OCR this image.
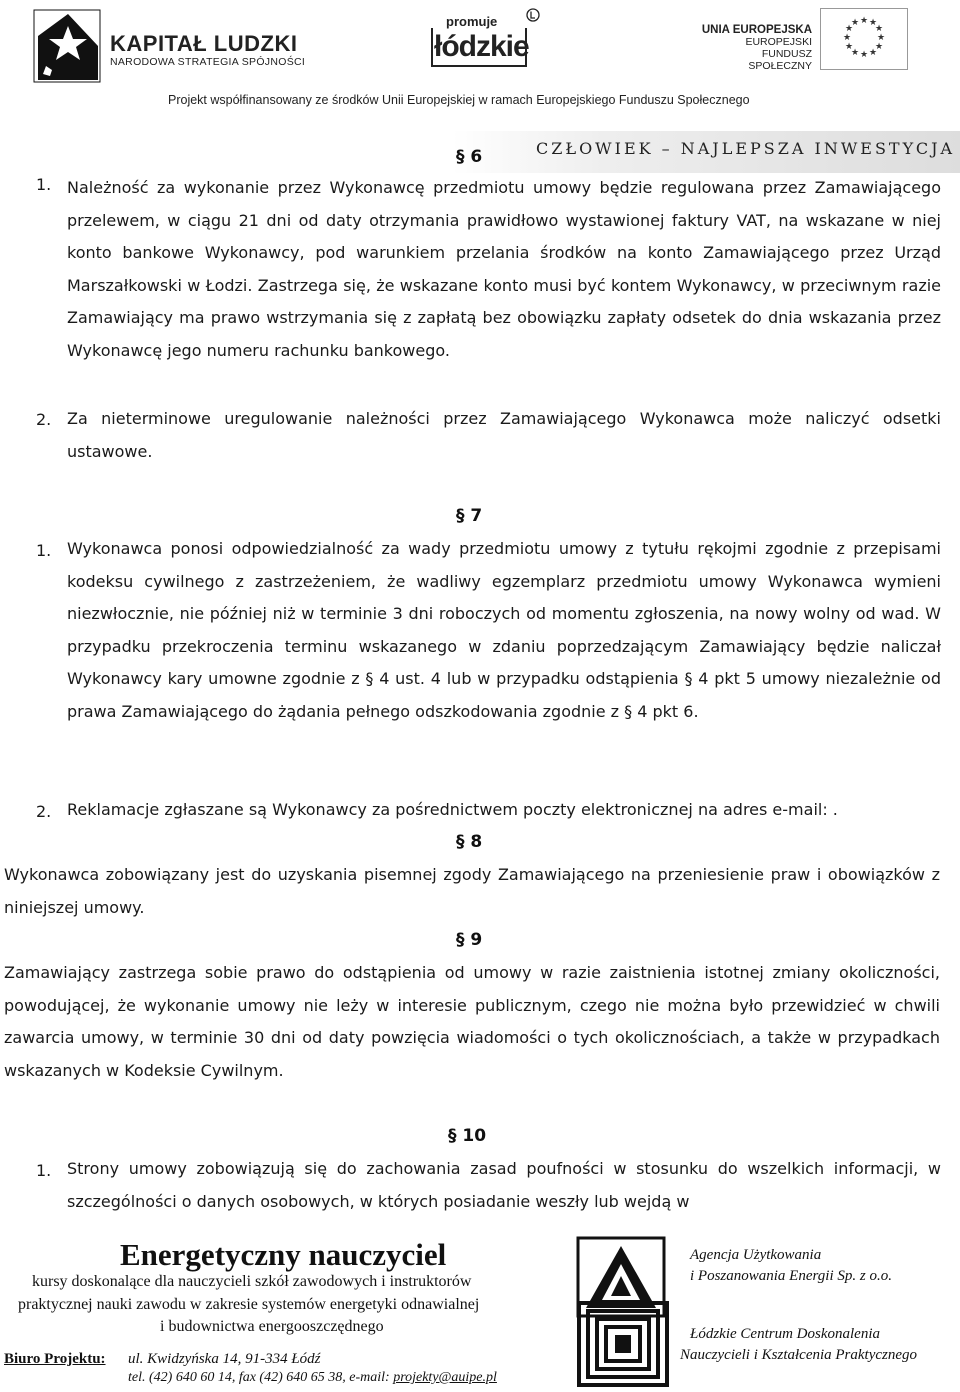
KAPITAŁ LUDZKI
NARODOWA STRATEGIA SPÓJNOŚCI
promuje
łódzkie	UNIA EUROPEJSKA
EUROPEJSKI
FUNDUSZ SPOŁECZNY
★ ★
★
★
★
★
★
★
★
★
★
★
Projekt współfinansowany ze środków Unii Europejskiej w ramach Europejskiego Funduszu Społecznego
CZŁOWIEK – NAJLEPSZA INWESTYCJA
§ 6
1. Należność za wykonanie przez Wykonawcę przedmiotu umowy będzie regulowana przez Zamawiającego przelewem, w ciągu 21 dni od daty otrzymania prawidłowo wystawionej faktury VAT, na wskazane w niej konto bankowe Wykonawcy, pod warunkiem przelania środków na konto Zamawiającego przez Urząd Marszałkowski w Łodzi. Zastrzega się, że wskazane konto musi być kontem Wykonawcy, w przeciwnym razie Zamawiający ma prawo wstrzymania się z zapłatą bez obowiązku zapłaty odsetek do dnia wskazania przez Wykonawcę jego numeru rachunku bankowego.
2. Za nieterminowe uregulowanie należności przez Zamawiającego Wykonawca może naliczyć odsetki ustawowe.
§ 7
1. Wykonawca ponosi odpowiedzialność za wady przedmiotu umowy z tytułu rękojmi zgodnie z przepisami kodeksu cywilnego z zastrzeżeniem, że wadliwy egzemplarz przedmiotu umowy Wykonawca wymieni niezwłocznie, nie później niż w terminie 3 dni roboczych od momentu zgłoszenia, na nowy wolny od wad. W przypadku przekroczenia terminu wskazanego w zdaniu poprzedzającym Zamawiający będzie naliczał Wykonawcy kary umowne zgodnie z § 4 ust. 4 lub w przypadku odstąpienia § 4 pkt 5 umowy niezależnie od prawa Zamawiającego do żądania pełnego odszkodowania zgodnie z § 4 pkt 6.
2. Reklamacje zgłaszane są Wykonawcy za pośrednictwem poczty elektronicznej na adres e-mail: .
§ 8
Wykonawca zobowiązany jest do uzyskania pisemnej zgody Zamawiającego na przeniesienie praw i obowiązków z niniejszej umowy.
§ 9
Zamawiający zastrzega sobie prawo do odstąpienia od umowy w razie zaistnienia istotnej zmiany okoliczności, powodującej, że wykonanie umowy nie leży w interesie publicznym, czego nie można było przewidzieć w chwili zawarcia umowy, w terminie 30 dni od daty powzięcia wiadomości o tych okolicznościach, a także w przypadkach wskazanych w Kodeksie Cywilnym.
§ 10
1. Strony umowy zobowiązują się do zachowania zasad poufności w stosunku do wszelkich informacji, w szczególności o danych osobowych, w których posiadanie weszły lub wejdą w
Energetyczny nauczyciel
kursy doskonalące dla nauczycieli szkół zawodowych i instruktorów
praktycznej nauki zawodu w zakresie systemów energetyki odnawialnej
i budownictwa energooszczędnego
Biuro Projektu: ul. Kwidzyńska 14, 91-334 Łódź
tel. (42) 640 60 14, fax (42) 640 65 38, e-mail: projekty@auipe.pl
Agencja Użytkowania
i Poszanowania Energii Sp. z o.o.
Łódzkie Centrum Doskonalenia
Nauczycieli i Kształcenia Praktycznego
